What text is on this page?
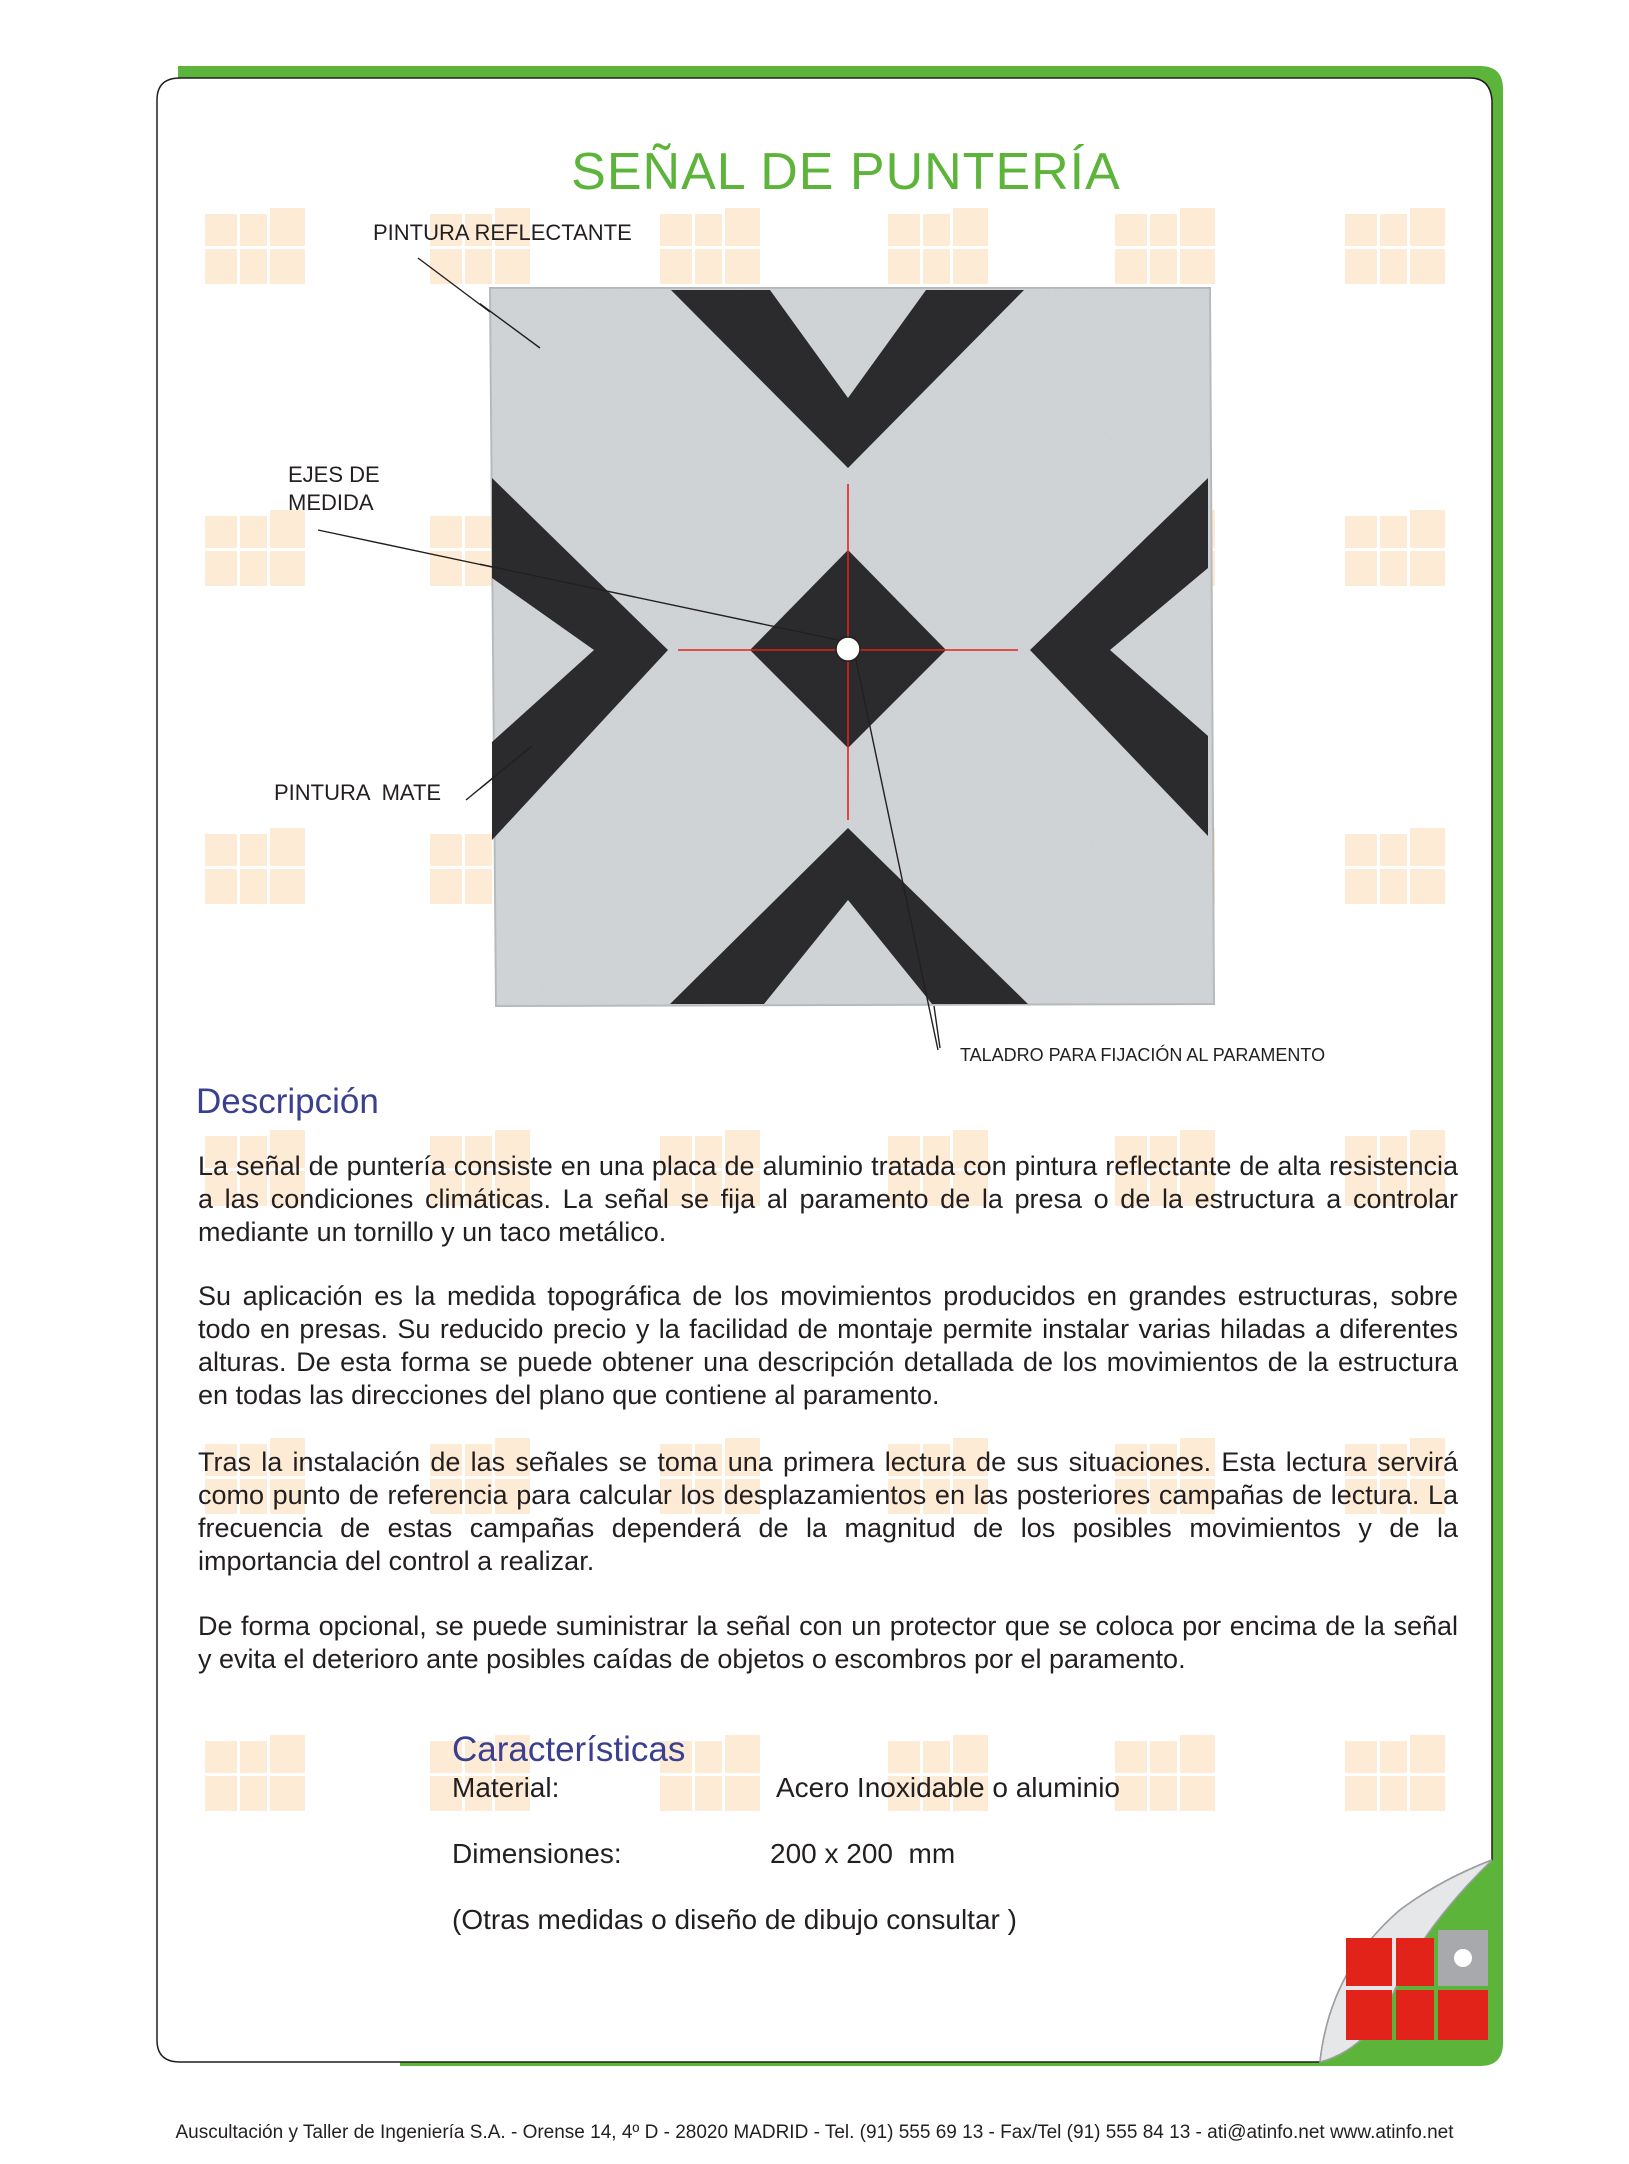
SEÑAL DE PUNTERÍA
PINTURA REFLECTANTE
EJES DE
MEDIDA
PINTURA  MATE
TALADRO PARA FIJACIÓN AL PARAMENTO
Descripción
La señal de puntería consiste en una placa de aluminio tratada con pintura reflectante de alta resistencia a las condiciones climáticas. La señal se fija al paramento de la presa o de la estructura a controlar mediante un tornillo y un taco metálico.
Su aplicación es la medida topográfica de los movimientos producidos en grandes estructuras, sobre todo en presas. Su reducido precio y la facilidad de montaje permite instalar varias hiladas a diferentes alturas. De esta forma se puede obtener una descripción detallada de los movimientos de la estructura en todas las direcciones del plano que contiene al paramento.
Tras la instalación de las señales se toma una primera lectura de sus situaciones. Esta lectura servirá como punto de referencia para calcular los desplazamientos en las posteriores campañas de lectura. La frecuencia de estas campañas dependerá de la magnitud de los posibles movimientos y de la importancia del control a realizar.
De forma opcional, se puede suministrar la señal con un protector que se coloca por encima de la señal y evita el deterioro ante posibles caídas de objetos o escombros por el paramento.
Características
Material:	Acero Inoxidable o aluminio
Dimensiones:	200 x 200  mm
(Otras medidas o diseño de dibujo consultar )
Auscultación y Taller de Ingeniería S.A. - Orense 14, 4º D - 28020 MADRID - Tel. (91) 555 69 13 - Fax/Tel (91) 555 84 13 - ati@atinfo.net www.atinfo.net
